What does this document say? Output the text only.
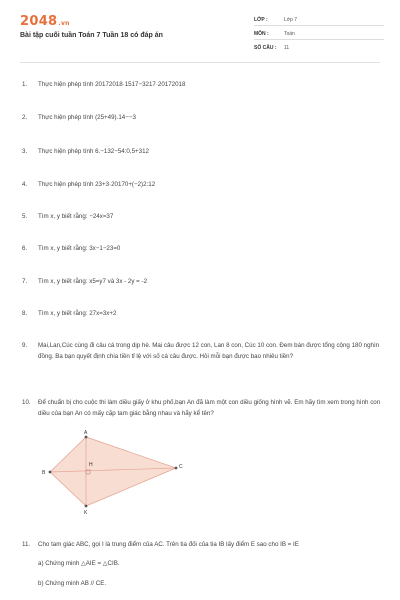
2048.vn
Bài tập cuối tuần Toán 7 Tuần 18 có đáp án
LỚP :	Lớp 7
MÔN :	Toán
SỐ CÂU : 11
1. Thực hiện phép tính 20172018·1517−3217·20172018
2. Thực hiện phép tính (25+49).14−−3
3. Thực hiện phép tính 6.−132−54:0,5+312
4. Thực hiện phép tính 23+3·20170+(−2)2:12
5. Tìm x, y biết rằng: −24x=37
6. Tìm x, y biết rằng: 3x−1−23=0
7. Tìm x, y biết rằng: x5=y7 và 3x - 2y = -2
8. Tìm x, y biết rằng: 27x=3x+2
9. Mai,Lan,Cúc cùng đi câu cá trong dịp hè. Mai câu được 12 con, Lan 8 con, Cúc 10 con. Đem bán được tổng cộng 180 nghìn đồng. Ba bạn quyết định chia tiền tỉ lệ với số cá câu được. Hỏi mỗi bạn được bao nhiêu tiền?
10. Để chuẩn bị cho cuộc thi làm diều giấy ở khu phố,bạn An đã làm một con diều giống hình vẽ. Em hãy tìm xem trong hình con diều của bạn An có mấy cặp tam giác bằng nhau và hãy kể tên?
A
B
C
H
K
11. Cho tam giác ABC, gọi I là trung điểm của AC. Trên tia đối của tia IB lấy điểm E sao cho IB = IE
a) Chứng minh △AIE = △CIB.
b) Chứng minh AB // CE.
